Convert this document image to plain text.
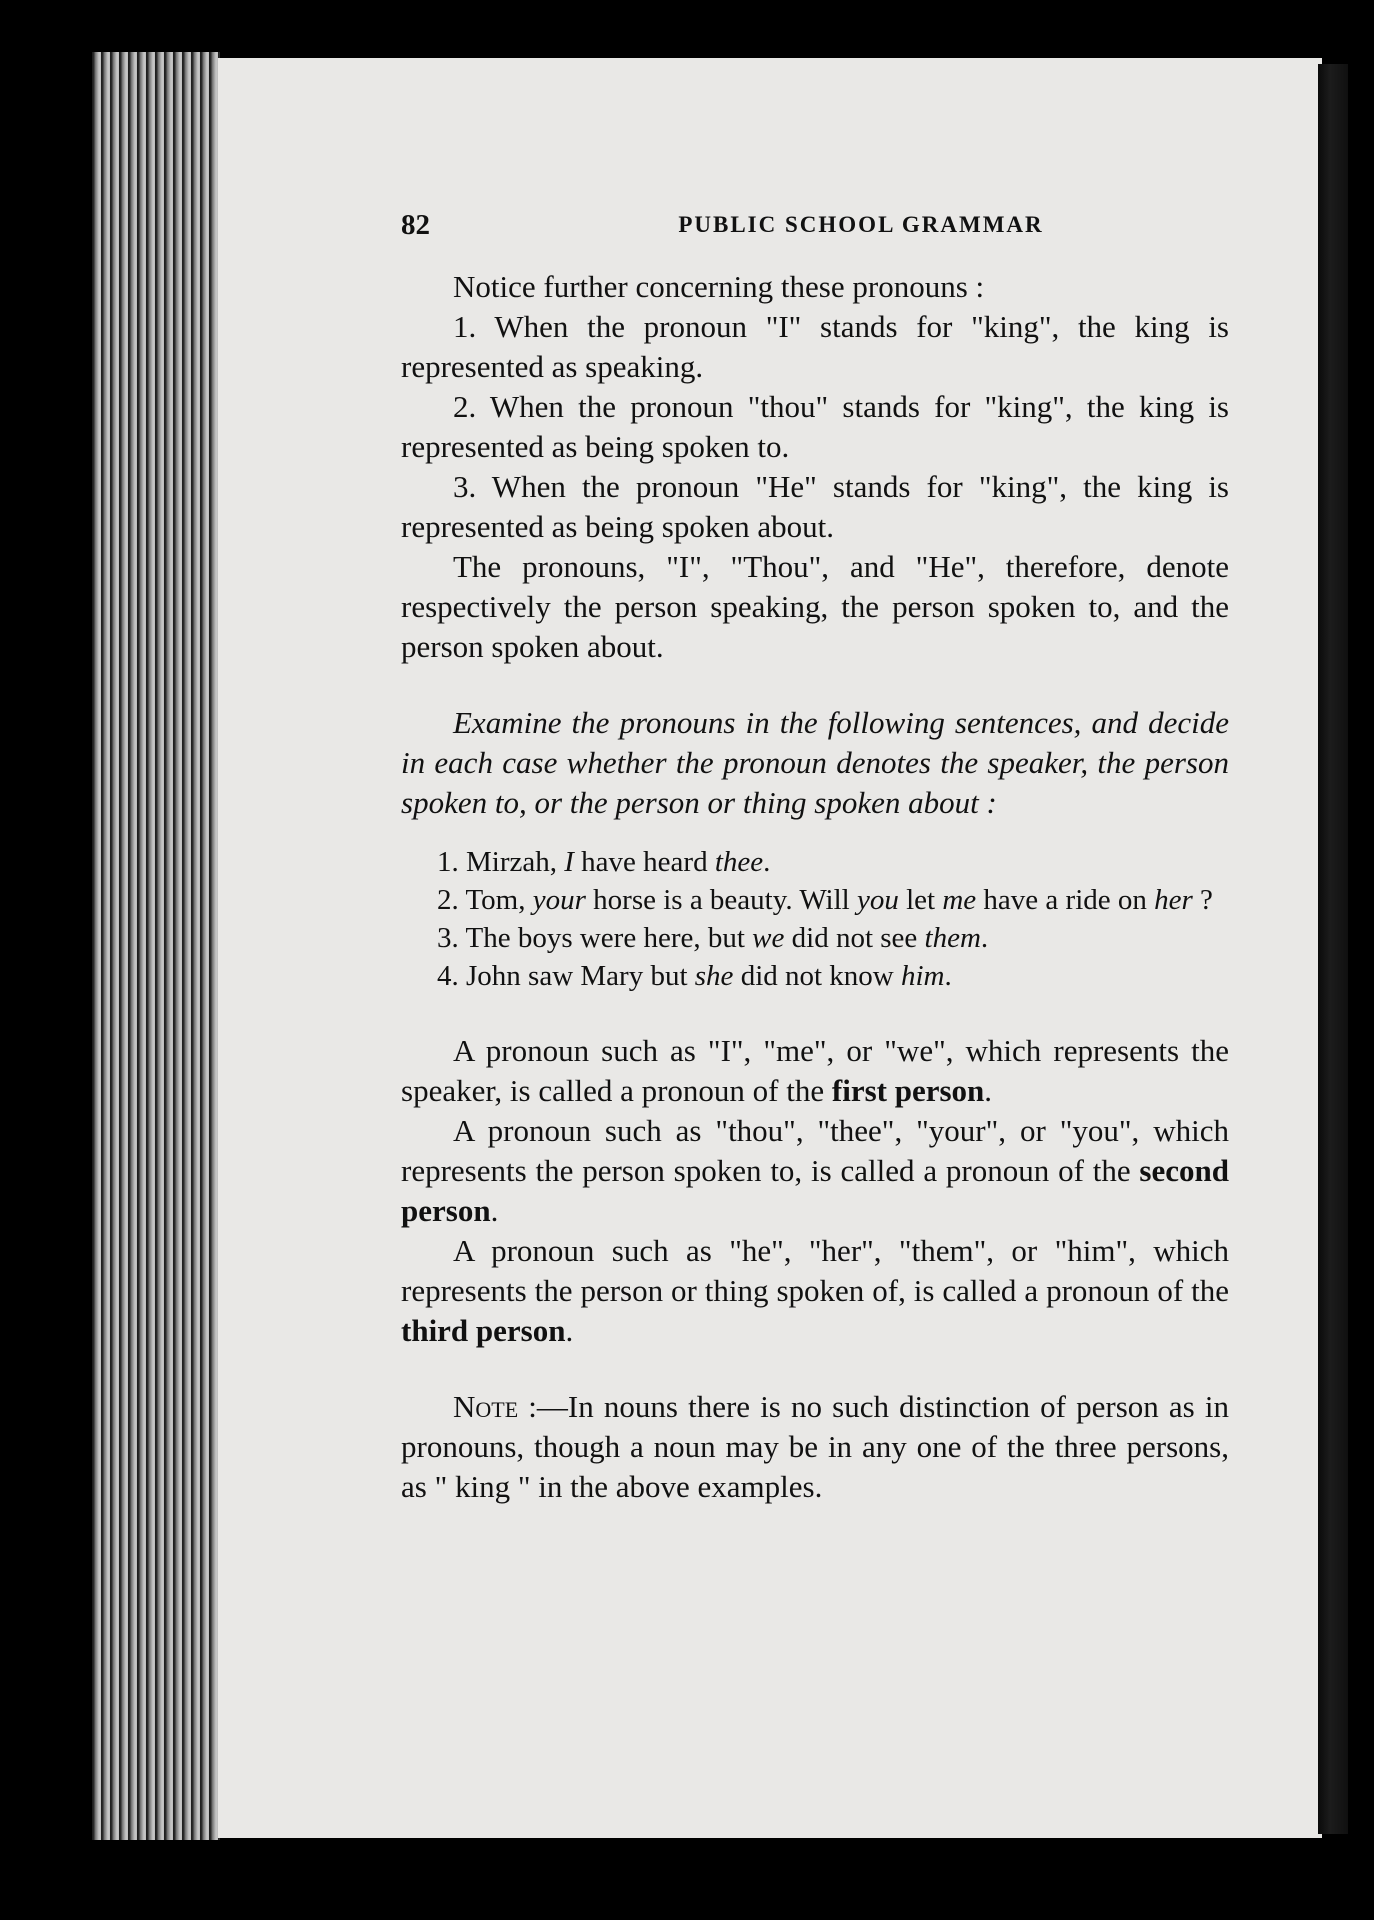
82	PUBLIC SCHOOL GRAMMAR

Notice further concerning these pronouns :

1. When the pronoun "I" stands for "king", the king is represented as speaking.

2. When the pronoun "thou" stands for "king", the king is represented as being spoken to.

3. When the pronoun "He" stands for "king", the king is represented as being spoken about.

The pronouns, "I", "Thou", and "He", therefore, denote respectively the person speaking, the person spoken to, and the person spoken about.

Examine the pronouns in the following sentences, and decide in each case whether the pronoun denotes the speaker, the person spoken to, or the person or thing spoken about :

1. Mirzah, I have heard thee.

2. Tom, your horse is a beauty. Will you let me have a ride on her ?

3. The boys were here, but we did not see them.

4. John saw Mary but she did not know him.

A pronoun such as "I", "me", or "we", which represents the speaker, is called a pronoun of the first person.

A pronoun such as "thou", "thee", "your", or "you", which represents the person spoken to, is called a pronoun of the second person.

A pronoun such as "he", "her", "them", or "him", which represents the person or thing spoken of, is called a pronoun of the third person.

Note :—In nouns there is no such distinction of person as in pronouns, though a noun may be in any one of the three persons, as " king " in the above examples.
